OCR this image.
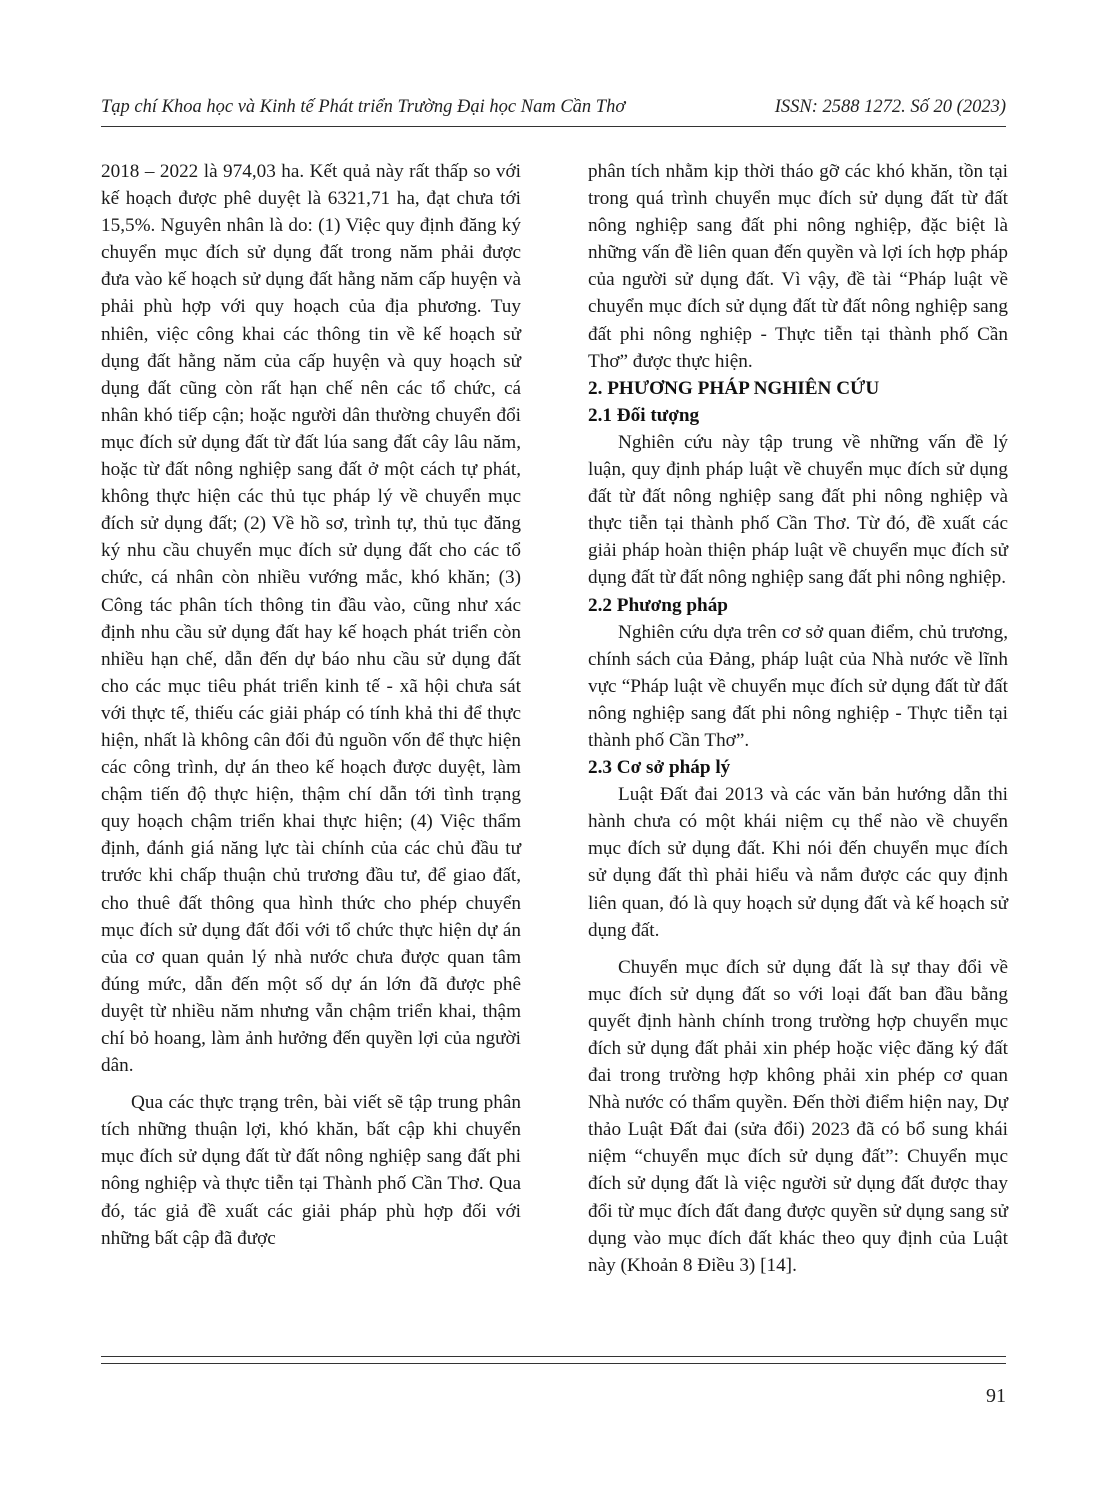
Tạp chí Khoa học và Kinh tế Phát triển Trường Đại học Nam Cần Thơ	ISSN: 2588 1272. Số 20 (2023)

2018 – 2022 là 974,03 ha. Kết quả này rất thấp so với kế hoạch được phê duyệt là 6321,71 ha, đạt chưa tới 15,5%. Nguyên nhân là do: (1) Việc quy định đăng ký chuyển mục đích sử dụng đất trong năm phải được đưa vào kế hoạch sử dụng đất hằng năm cấp huyện và phải phù hợp với quy hoạch của địa phương. Tuy nhiên, việc công khai các thông tin về kế hoạch sử dụng đất hằng năm của cấp huyện và quy hoạch sử dụng đất cũng còn rất hạn chế nên các tổ chức, cá nhân khó tiếp cận; hoặc người dân thường chuyển đổi mục đích sử dụng đất từ đất lúa sang đất cây lâu năm, hoặc từ đất nông nghiệp sang đất ở một cách tự phát, không thực hiện các thủ tục pháp lý về chuyển mục đích sử dụng đất; (2) Về hồ sơ, trình tự, thủ tục đăng ký nhu cầu chuyển mục đích sử dụng đất cho các tổ chức, cá nhân còn nhiều vướng mắc, khó khăn; (3) Công tác phân tích thông tin đầu vào, cũng như xác định nhu cầu sử dụng đất hay kế hoạch phát triển còn nhiều hạn chế, dẫn đến dự báo nhu cầu sử dụng đất cho các mục tiêu phát triển kinh tế - xã hội chưa sát với thực tế, thiếu các giải pháp có tính khả thi để thực hiện, nhất là không cân đối đủ nguồn vốn để thực hiện các công trình, dự án theo kế hoạch được duyệt, làm chậm tiến độ thực hiện, thậm chí dẫn tới tình trạng quy hoạch chậm triển khai thực hiện; (4) Việc thẩm định, đánh giá năng lực tài chính của các chủ đầu tư trước khi chấp thuận chủ trương đầu tư, để giao đất, cho thuê đất thông qua hình thức cho phép chuyển mục đích sử dụng đất đối với tổ chức thực hiện dự án của cơ quan quản lý nhà nước chưa được quan tâm đúng mức, dẫn đến một số dự án lớn đã được phê duyệt từ nhiều năm nhưng vẫn chậm triển khai, thậm chí bỏ hoang, làm ảnh hưởng đến quyền lợi của người dân.

Qua các thực trạng trên, bài viết sẽ tập trung phân tích những thuận lợi, khó khăn, bất cập khi chuyển mục đích sử dụng đất từ đất nông nghiệp sang đất phi nông nghiệp và thực tiễn tại Thành phố Cần Thơ. Qua đó, tác giả đề xuất các giải pháp phù hợp đối với những bất cập đã được

phân tích nhằm kịp thời tháo gỡ các khó khăn, tồn tại trong quá trình chuyển mục đích sử dụng đất từ đất nông nghiệp sang đất phi nông nghiệp, đặc biệt là những vấn đề liên quan đến quyền và lợi ích hợp pháp của người sử dụng đất. Vì vậy, đề tài “Pháp luật về chuyển mục đích sử dụng đất từ đất nông nghiệp sang đất phi nông nghiệp - Thực tiễn tại thành phố Cần Thơ” được thực hiện.

2. PHƯƠNG PHÁP NGHIÊN CỨU
2.1 Đối tượng

Nghiên cứu này tập trung về những vấn đề lý luận, quy định pháp luật về chuyển mục đích sử dụng đất từ đất nông nghiệp sang đất phi nông nghiệp và thực tiễn tại thành phố Cần Thơ. Từ đó, đề xuất các giải pháp hoàn thiện pháp luật về chuyển mục đích sử dụng đất từ đất nông nghiệp sang đất phi nông nghiệp.

2.2 Phương pháp

Nghiên cứu dựa trên cơ sở quan điểm, chủ trương, chính sách của Đảng, pháp luật của Nhà nước về lĩnh vực “Pháp luật về chuyển mục đích sử dụng đất từ đất nông nghiệp sang đất phi nông nghiệp - Thực tiễn tại thành phố Cần Thơ”.

2.3 Cơ sở pháp lý

Luật Đất đai 2013 và các văn bản hướng dẫn thi hành chưa có một khái niệm cụ thể nào về chuyển mục đích sử dụng đất. Khi nói đến chuyển mục đích sử dụng đất thì phải hiểu và nắm được các quy định liên quan, đó là quy hoạch sử dụng đất và kế hoạch sử dụng đất.

Chuyển mục đích sử dụng đất là sự thay đổi về mục đích sử dụng đất so với loại đất ban đầu bằng quyết định hành chính trong trường hợp chuyển mục đích sử dụng đất phải xin phép hoặc việc đăng ký đất đai trong trường hợp không phải xin phép cơ quan Nhà nước có thẩm quyền. Đến thời điểm hiện nay, Dự thảo Luật Đất đai (sửa đổi) 2023 đã có bổ sung khái niệm “chuyển mục đích sử dụng đất”: Chuyển mục đích sử dụng đất là việc người sử dụng đất được thay đổi từ mục đích đất đang được quyền sử dụng sang sử dụng vào mục đích đất khác theo quy định của Luật này (Khoản 8 Điều 3) [14].

91
